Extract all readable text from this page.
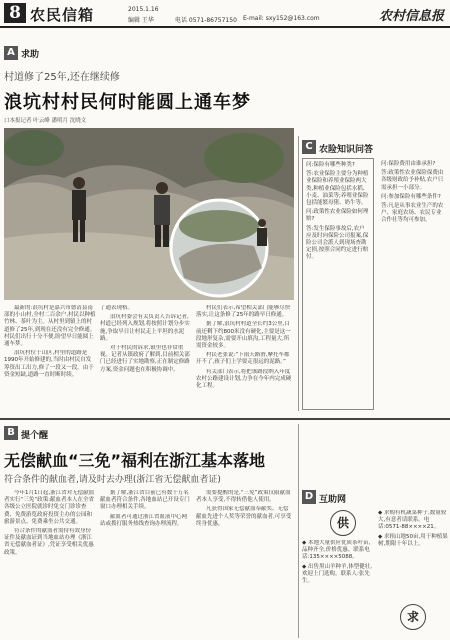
8 农民信箱	2015.1.16
编辑 王华	电话 0571-86757150 E-mail: sxy152@163.com	农村信息报
A 求助
村道修了25年,还在继续修
浪坑村村民何时能圆上通车梦
口本报记者 叶云峰 潘明月 沈晓文

最新的:浪坑村是嘉兴市德清县南部的小山村,全村二百余户,村民以种植竹林、茶叶为主。从村里到镇上的村道修了25年,到现在还没有完全修通。村民们出行十分不便,盼望早日能圆上通车梦。

浪坑村位于山区,村里的道路是1990年开始修建的,当时由村民自发筹资出工出力,修了一段又一段。由于资金短缺,道路一直时断时续。

了通表现格。

浪坑村委会有关负责人告诉记者,村道已经列入规划,将按照计划分步实施,争取早日让村民走上平坦的水泥路。

对于村民的诉求,镇里也非常重视。记者从镇政府了解到,目前相关部门已经进行了实地勘察,正在制定修路方案,资金问题也在积极协调中。

村民们表示,希望相关部门能够尽快落实,让这条修了25年的路早日修通。

据了解,浪坑村村道全长约3公里,目前还剩下约800米没有硬化,主要是这一段地形复杂,需要开山填沟,工程量大,所需资金较多。

村民老张说:“下雨天路滑,摩托车都开不了,孩子们上学要走很远的泥路。”

有关部门表示,将把该路段纳入年度农村公路建设计划,力争在今年内完成硬化工程。

C 农险知识问答

问:保险有哪些种类?

答:农业保险主要分为种植业保险和养殖业保险两大类,种植业保险包括水稻、小麦、油菜等;养殖业保险包括能繁母猪、奶牛等。

问:政策性农业保险如何理赔?

答:发生保险事故后,农户应及时向保险公司报案,保险公司会派人到现场查勘定损,按照合同约定进行赔付。

问:保险费用由谁承担?

答:政策性农业保险保费由各级财政给予补贴,农户只需承担一小部分。

问:参加保险有哪些条件?

答:凡是从事农业生产的农户、家庭农场、农民专业合作社等均可参加。

B 提个醒
无偿献血“三免”福利在浙江基本落地
符合条件的献血者,请及时去办理(浙江省无偿献血者证)

今年1月1日起,浙江省对无偿献血者实行“三免”政策:献血者本人在全省各级公立医院就诊时免交门诊诊查费、免费游览政府投资主办的公园和旅游景点、免费乘坐公共交通。

符合条件的献血者需持有效身份证件及献血证到当地血站办理《浙江省无偿献血者证》,凭证享受相关优惠政策。

据了解,浙江省目前已有数十万名献血者符合条件,各地血站已开设专门窗口办理相关手续。

献血者可通过浙江省血液中心网站或拨打服务热线查询办理流程。

需要提醒的是,“三免”政策仅限献血者本人享受,不得转借他人使用。

凡获得国家无偿献血奉献奖、无偿献血先进个人奖等荣誉的献血者,可享受终身优惠。

D 互助网
供

◆ 本地大量供应优质茶叶苗,品种齐全,价格优惠。联系电话:135××××5088。

◆ 出售黑山羊种羊,体型健壮,欢迎上门选购。联系人:张先生。

◆ 求购有机蔬菜种子,数量较大,有意者请联系。电话:0571-88××××21。

◆ 求租山地50亩,用于种植果树,期限十年以上。

求
